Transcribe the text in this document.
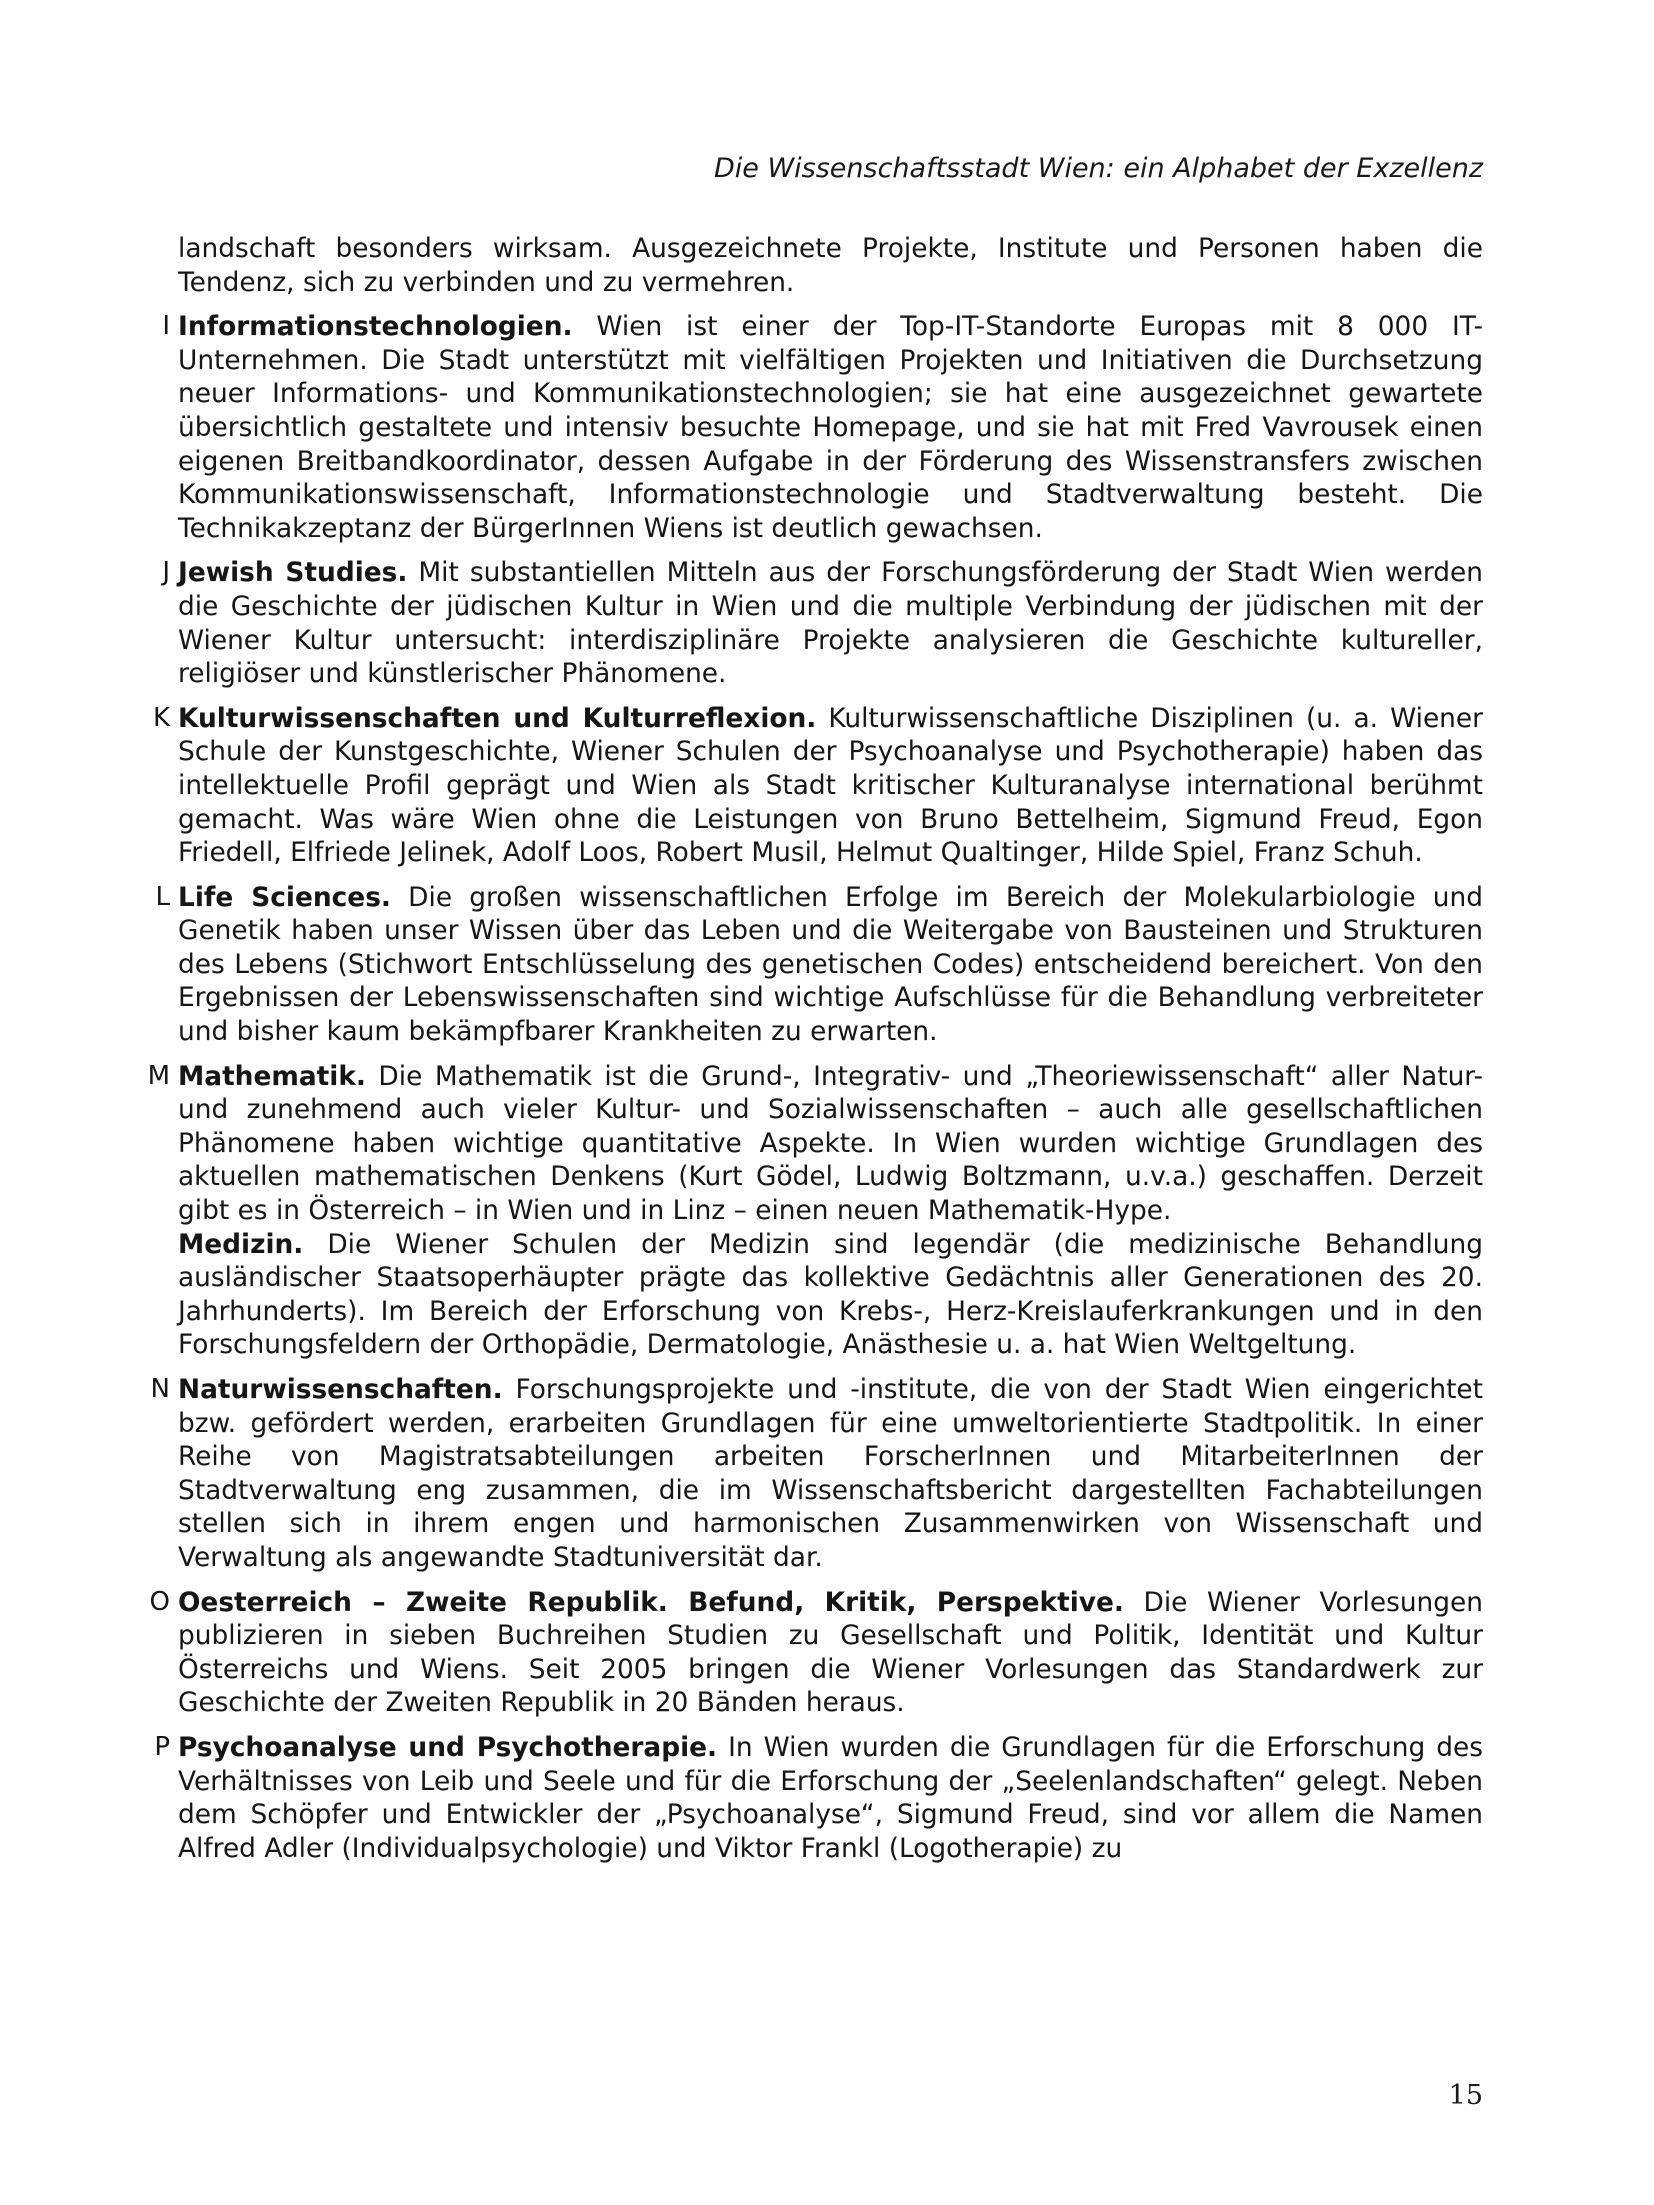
Die Wissenschaftsstadt Wien: ein Alphabet der Exzellenz

landschaft besonders wirksam. Ausgezeichnete Projekte, Institute und Personen haben die Tendenz, sich zu verbinden und zu vermehren.

I Informationstechnologien. Wien ist einer der Top-IT-Standorte Europas mit 8 000 IT-Unternehmen. Die Stadt unterstützt mit vielfältigen Projekten und Initiativen die Durchsetzung neuer Informations- und Kommunikationstechnologien; sie hat eine ausgezeichnet gewartete übersichtlich gestaltete und intensiv besuchte Homepage, und sie hat mit Fred Vavrousek einen eigenen Breitbandkoordinator, dessen Aufgabe in der Förderung des Wissenstransfers zwischen Kommunikationswissenschaft, Informationstechnologie und Stadtverwaltung besteht. Die Technikakzeptanz der BürgerInnen Wiens ist deutlich gewachsen.
J Jewish Studies. Mit substantiellen Mitteln aus der Forschungsförderung der Stadt Wien werden die Geschichte der jüdischen Kultur in Wien und die multiple Verbindung der jüdischen mit der Wiener Kultur untersucht: interdisziplinäre Projekte analysieren die Geschichte kultureller, religiöser und künstlerischer Phänomene.
K Kulturwissenschaften und Kulturreflexion. Kulturwissenschaftliche Disziplinen (u. a. Wiener Schule der Kunstgeschichte, Wiener Schulen der Psychoanalyse und Psychotherapie) haben das intellektuelle Profil geprägt und Wien als Stadt kritischer Kulturanalyse international berühmt gemacht. Was wäre Wien ohne die Leistungen von Bruno Bettelheim, Sigmund Freud, Egon Friedell, Elfriede Jelinek, Adolf Loos, Robert Musil, Helmut Qualtinger, Hilde Spiel, Franz Schuh.
L Life Sciences. Die großen wissenschaftlichen Erfolge im Bereich der Molekularbiologie und Genetik haben unser Wissen über das Leben und die Weitergabe von Bausteinen und Strukturen des Lebens (Stichwort Entschlüsselung des genetischen Codes) entscheidend bereichert. Von den Ergebnissen der Lebenswissenschaften sind wichtige Aufschlüsse für die Behandlung verbreiteter und bisher kaum bekämpfbarer Krankheiten zu erwarten.
M Mathematik. Die Mathematik ist die Grund-, Integrativ- und „Theoriewissenschaft“ aller Natur- und zunehmend auch vieler Kultur- und Sozialwissenschaften – auch alle gesellschaftlichen Phänomene haben wichtige quantitative Aspekte. In Wien wurden wichtige Grundlagen des aktuellen mathematischen Denkens (Kurt Gödel, Ludwig Boltzmann, u.v.a.) geschaffen. Derzeit gibt es in Österreich – in Wien und in Linz – einen neuen Mathematik-Hype.
Medizin. Die Wiener Schulen der Medizin sind legendär (die medizinische Behandlung ausländischer Staatsoperhäupter prägte das kollektive Gedächtnis aller Generationen des 20. Jahrhunderts). Im Bereich der Erforschung von Krebs-, Herz-Kreislauferkrankungen und in den Forschungsfeldern der Orthopädie, Dermatologie, Anästhesie u. a. hat Wien Weltgeltung.
N Naturwissenschaften. Forschungsprojekte und -institute, die von der Stadt Wien eingerichtet bzw. gefördert werden, erarbeiten Grundlagen für eine umweltorientierte Stadtpolitik. In einer Reihe von Magistratsabteilungen arbeiten ForscherInnen und MitarbeiterInnen der Stadtverwaltung eng zusammen, die im Wissenschaftsbericht dargestellten Fachabteilungen stellen sich in ihrem engen und harmonischen Zusammenwirken von Wissenschaft und Verwaltung als angewandte Stadtuniversität dar.
O Oesterreich – Zweite Republik. Befund, Kritik, Perspektive. Die Wiener Vorlesungen publizieren in sieben Buchreihen Studien zu Gesellschaft und Politik, Identität und Kultur Österreichs und Wiens. Seit 2005 bringen die Wiener Vorlesungen das Standardwerk zur Geschichte der Zweiten Republik in 20 Bänden heraus.
P Psychoanalyse und Psychotherapie. In Wien wurden die Grundlagen für die Erforschung des Verhältnisses von Leib und Seele und für die Erforschung der „Seelenlandschaften“ gelegt. Neben dem Schöpfer und Entwickler der „Psychoanalyse“, Sigmund Freud, sind vor allem die Namen Alfred Adler (Individualpsychologie) und Viktor Frankl (Logotherapie) zu
15
